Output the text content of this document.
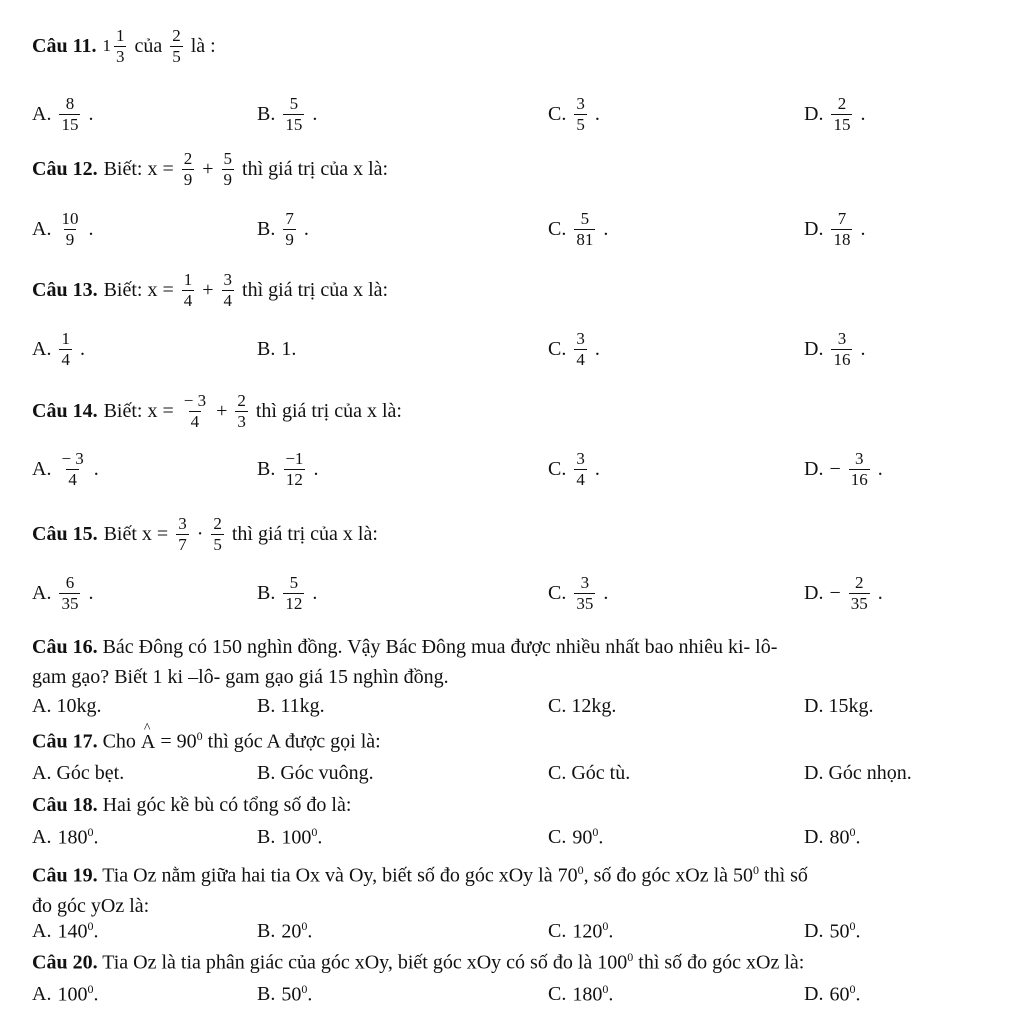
Câu 11. $1 \frac{1}{3}$ của $\frac{2}{5}$ là :
A. $\frac{8}{15}$ .	B. $\frac{5}{15}$ .	C. $\frac{3}{5}$ .	D. $\frac{2}{15}$ .
Câu 12. Biết: $x = \frac{2}{9} + \frac{5}{9}$ thì giá trị của x là:
A. $\frac{10}{9}$ .	B. $\frac{7}{9}$ .	C. $\frac{5}{81}$ .	D. $\frac{7}{18}$ .
Câu 13. Biết: $x = \frac{1}{4} + \frac{3}{4}$ thì giá trị của x là:
A. $\frac{1}{4}$ .	B. 1.	C. $\frac{3}{4}$ .	D. $\frac{3}{16}$ .
Câu 14. Biết: $x = \frac{- 3}{4} + \frac{2}{3}$ thì giá trị của x là:
A. $\frac{- 3}{4}$ .	B. $\frac{-1}{12}$ .	C. $\frac{3}{4}$ .	D. − $\frac{3}{16}$ .
Câu 15. Biết $x = \frac{3}{7} \cdot \frac{2}{5}$ thì giá trị của x là:
A. $\frac{6}{35}$ .	B. $\frac{5}{12}$ .	C. $\frac{3}{35}$ .	D. − $\frac{2}{35}$ .
Câu 16. Bác Đông có 150 nghìn đồng. Vậy Bác Đông mua được nhiều nhất bao nhiêu ki- lô-
gam gạo? Biết 1 ki –lô- gam gạo giá 15 nghìn đồng.
A. 10kg.	B. 11kg.	C. 12kg.	D. 15kg.
Câu 17. Cho ^ $A = 90^0$ thì góc A được gọi là:
A. Góc bẹt.	B. Góc vuông.	C. Góc tù.	D. Góc nhọn.
Câu 18. Hai góc kề bù có tổng số đo là:
A. $180^0$.	B. $100^0$.	C. $90^0$.	D. $80^0$.
Câu 19. Tia Oz nằm giữa hai tia Ox và Oy, biết số đo góc xOy là $70^0$, số đo góc xOz là $50^0$ thì số
đo góc yOz là:
A. $140^0$.	B. $20^0$.	C. $120^0$.	D. $50^0$.
Câu 20. Tia Oz là tia phân giác của góc xOy, biết góc xOy có số đo là $100^0$ thì số đo góc xOz là:
A. $100^0$.	B. $50^0$.	C. $180^0$.	D. $60^0$.
